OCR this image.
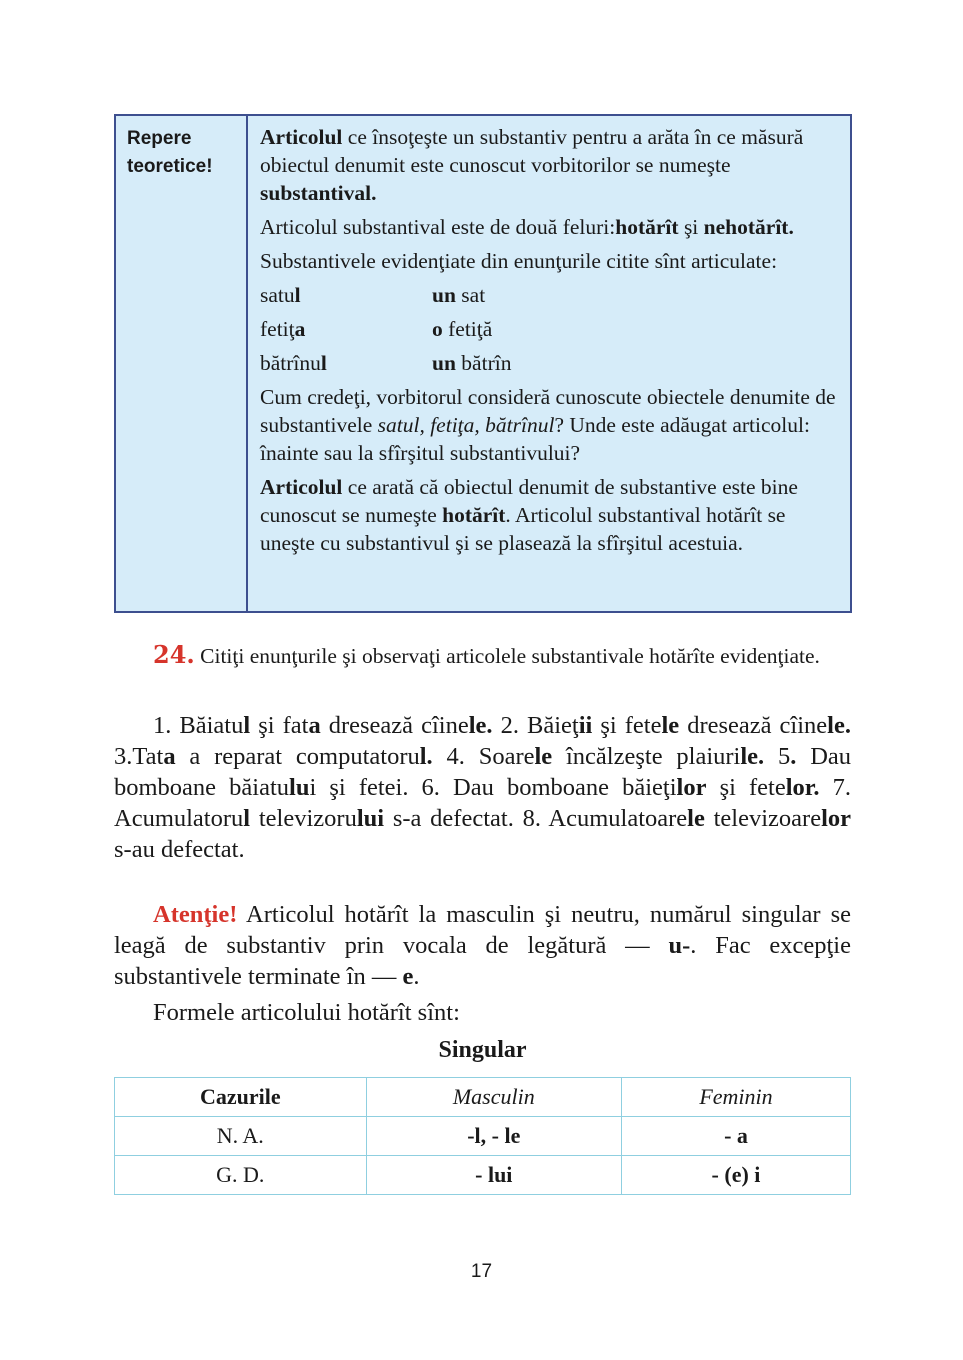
Repere
teoretice!

Articolul ce însoţeşte un substantiv pentru a arăta în ce măsură obiectul denumit este cunoscut vorbitorilor se numeşte substantival.

Articolul substantival este de două feluri:hotărît şi nehotărît.

Substantivele evidenţiate din enunţurile citite sînt articulate:

satul	un sat
fetiţa	o fetiţă
bătrînul	un bătrîn

Cum credeţi, vorbitorul consideră cunoscute obiectele denumite de substantivele satul, fetiţa, bătrînul? Unde este adăugat articolul: înainte sau la sfîrşitul substantivului?

Articolul ce arată că obiectul denumit de substantive este bine cunoscut se numeşte hotărît. Articolul substantival hotărît se uneşte cu substantivul şi se plasează la sfîrşitul acestuia.

24. Citiţi enunţurile şi observaţi articolele substantivale hotărîte evidenţiate.

1. Băiatul şi fata dresează cîinele. 2. Băieţii şi fetele dresează cîinele. 3.Tata a reparat computatorul. 4. Soarele încălzeşte plaiurile. 5. Dau bomboane băiatului şi fetei. 6. Dau bomboane băieţilor şi fetelor. 7. Acumulatorul televizorului s-a defectat. 8. Acumulatoarele televizoarelor s-au defectat.

Atenţie! Articolul hotărît la masculin şi neutru, numărul singular se leagă de substantiv prin vocala de legătură — u-. Fac excepţie substantivele terminate în — e.

Formele articolului hotărît sînt:

Singular
Cazurile	Masculin	Feminin
N. A.	-l, - le	- a
G. D.	- lui	- (e) i
17
